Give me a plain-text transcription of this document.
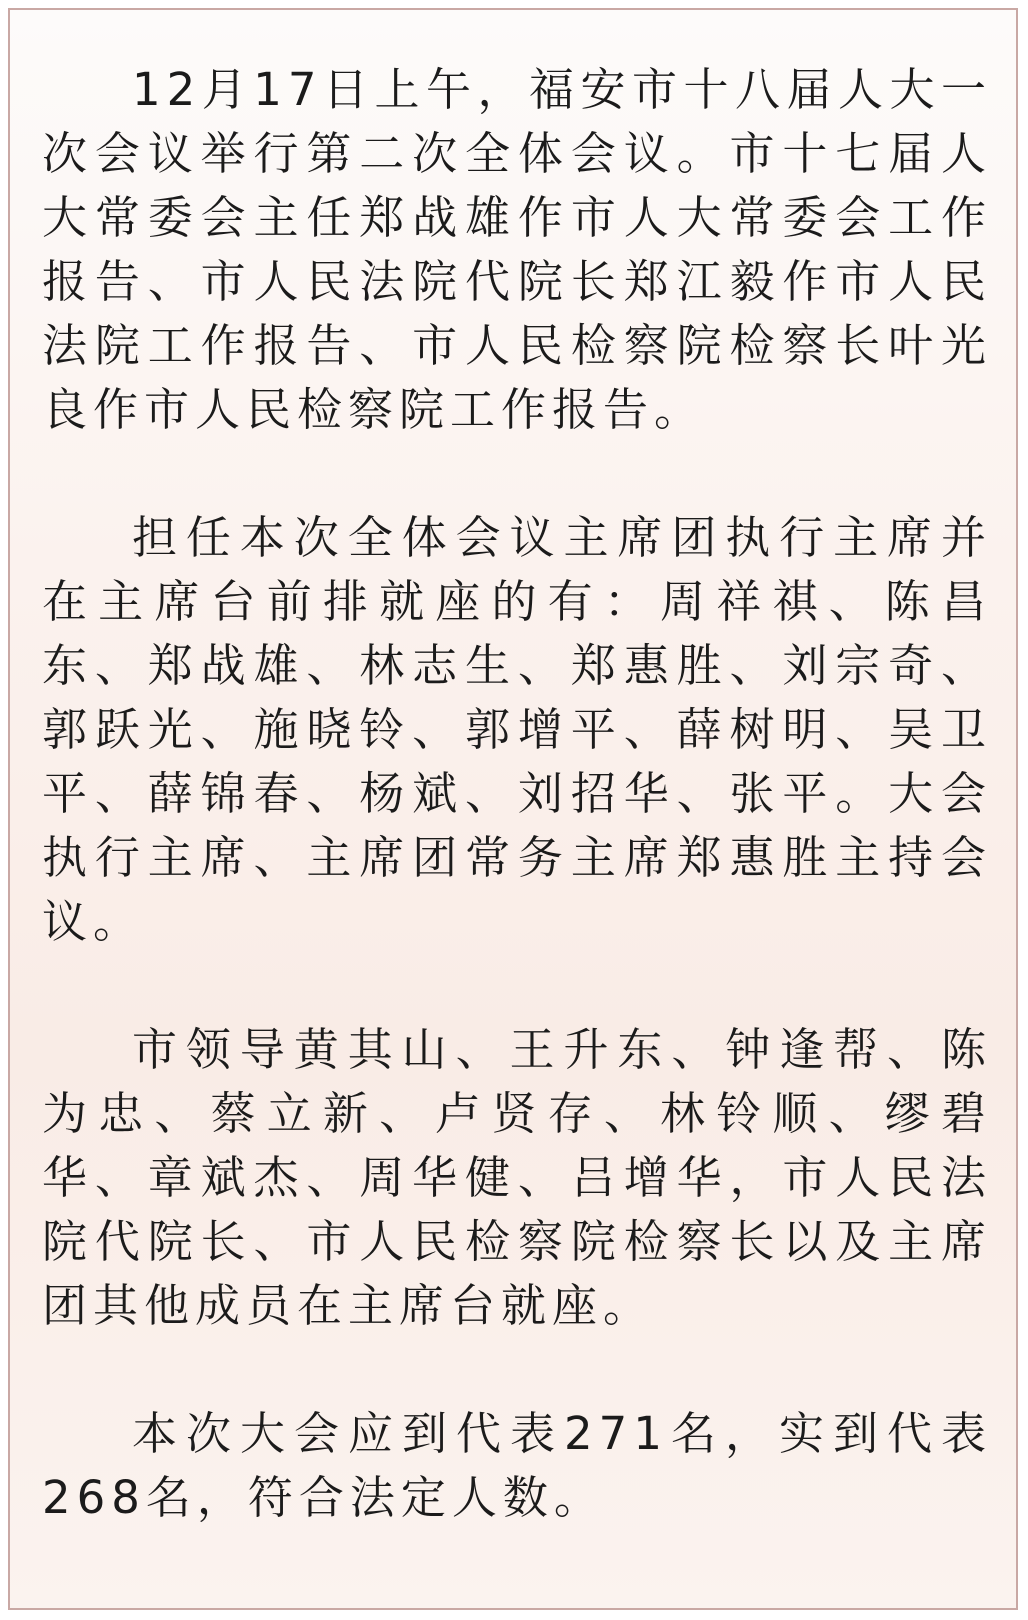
12月17日上午，福安市十八届人大一次会议举行第二次全体会议。市十七届人大常委会主任郑战雄作市人大常委会工作报告、市人民法院代院长郑江毅作市人民法院工作报告、市人民检察院检察长叶光良作市人民检察院工作报告。

担任本次全体会议主席团执行主席并在主席台前排就座的有：周祥祺、陈昌东、郑战雄、林志生、郑惠胜、刘宗奇、郭跃光、施晓铃、郭增平、薛树明、吴卫平、薛锦春、杨斌、刘招华、张平。大会执行主席、主席团常务主席郑惠胜主持会议。

市领导黄其山、王升东、钟逢帮、陈为忠、蔡立新、卢贤存、林铃顺、缪碧华、章斌杰、周华健、吕增华，市人民法院代院长、市人民检察院检察长以及主席团其他成员在主席台就座。

本次大会应到代表271名，实到代表268名，符合法定人数。
